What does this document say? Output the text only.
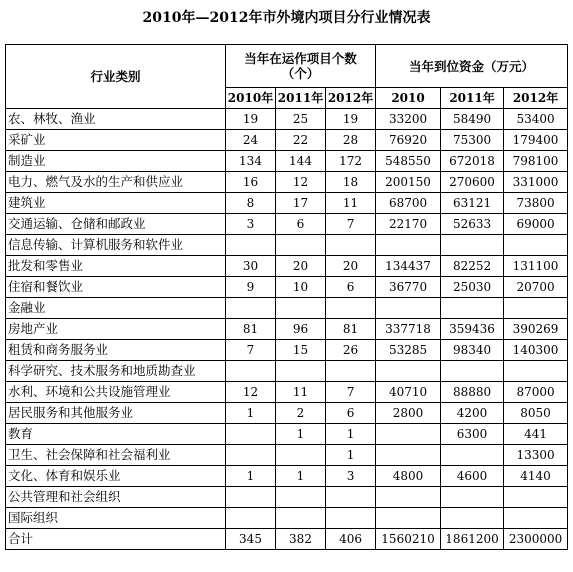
2010年—2012年市外境内项目分行业情况表
行业类别	当年在运作项目个数（个）			当年到位资金（万元）		
	2010年	2011年	2012年	2010	2011年	2012年
农、林牧、渔业	19	25	19	33200	58490	53400
采矿业	24	22	28	76920	75300	179400
制造业	134	144	172	548550	672018	798100
电力、燃气及水的生产和供应业	16	12	18	200150	270600	331000
建筑业	8	17	11	68700	63121	73800
交通运输、仓储和邮政业	3	6	7	22170	52633	69000
信息传输、计算机服务和软件业						
批发和零售业	30	20	20	134437	82252	131100
住宿和餐饮业	9	10	6	36770	25030	20700
金融业						
房地产业	81	96	81	337718	359436	390269
租赁和商务服务业	7	15	26	53285	98340	140300
科学研究、技术服务和地质勘查业						
水利、环境和公共设施管理业	12	11	7	40710	88880	87000
居民服务和其他服务业	1	2	6	2800	4200	8050
教育		1	1		6300	441
卫生、社会保障和社会福利业			1			13300
文化、体育和娱乐业	1	1	3	4800	4600	4140
公共管理和社会组织						
国际组织						
合计	345	382	406	1560210	1861200	2300000
